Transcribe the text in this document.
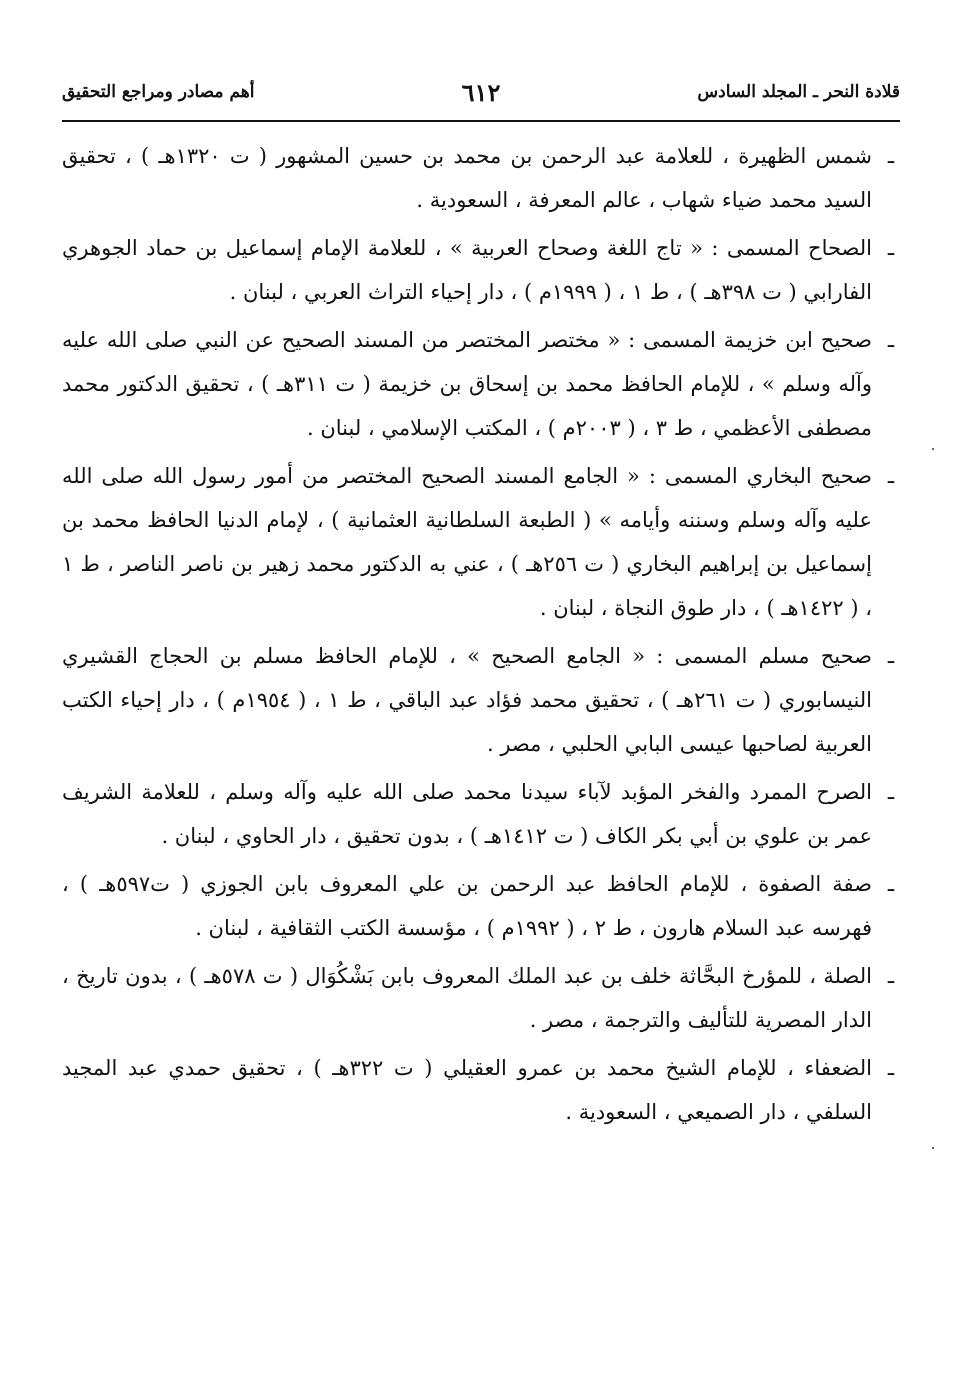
قلادة النحر ـ المجلد السادس
٦١٢
أهم مصادر ومراجع التحقيق

ـشمس الظهيرة ، للعلامة عبد الرحمن بن محمد بن حسين المشهور ( ت ١٣٢٠هـ ) ، تحقيق السيد محمد ضياء شهاب ، عالم المعرفة ، السعودية .

ـالصحاح المسمى : « تاج اللغة وصحاح العربية » ، للعلامة الإمام إسماعيل بن حماد الجوهري الفارابي ( ت ٣٩٨هـ ) ، ط ١ ، ( ١٩٩٩م ) ، دار إحياء التراث العربي ، لبنان .

ـصحيح ابن خزيمة المسمى : « مختصر المختصر من المسند الصحيح عن النبي صلى الله عليه وآله وسلم » ، للإمام الحافظ محمد بن إسحاق بن خزيمة ( ت ٣١١هـ ) ، تحقيق الدكتور محمد مصطفى الأعظمي ، ط ٣ ، ( ٢٠٠٣م ) ، المكتب الإسلامي ، لبنان .

ـصحيح البخاري المسمى : « الجامع المسند الصحيح المختصر من أمور رسول الله صلى الله عليه وآله وسلم وسننه وأيامه » ( الطبعة السلطانية العثمانية ) ، لإمام الدنيا الحافظ محمد بن إسماعيل بن إبراهيم البخاري ( ت ٢٥٦هـ ) ، عني به الدكتور محمد زهير بن ناصر الناصر ، ط ١ ، ( ١٤٢٢هـ ) ، دار طوق النجاة ، لبنان .

ـصحيح مسلم المسمى : « الجامع الصحيح » ، للإمام الحافظ مسلم بن الحجاج القشيري النيسابوري ( ت ٢٦١هـ ) ، تحقيق محمد فؤاد عبد الباقي ، ط ١ ، ( ١٩٥٤م ) ، دار إحياء الكتب العربية لصاحبها عيسى البابي الحلبي ، مصر .

ـالصرح الممرد والفخر المؤبد لآباء سيدنا محمد صلى الله عليه وآله وسلم ، للعلامة الشريف عمر بن علوي بن أبي بكر الكاف ( ت ١٤١٢هـ ) ، بدون تحقيق ، دار الحاوي ، لبنان .

ـصفة الصفوة ، للإمام الحافظ عبد الرحمن بن علي المعروف بابن الجوزي ( ت٥٩٧هـ ) ، فهرسه عبد السلام هارون ، ط ٢ ، ( ١٩٩٢م ) ، مؤسسة الكتب الثقافية ، لبنان .

ـالصلة ، للمؤرخ البحَّاثة خلف بن عبد الملك المعروف بابن بَشْكُوَال ( ت ٥٧٨هـ ) ، بدون تاريخ ، الدار المصرية للتأليف والترجمة ، مصر .

ـالضعفاء ، للإمام الشيخ محمد بن عمرو العقيلي ( ت ٣٢٢هـ ) ، تحقيق حمدي عبد المجيد السلفي ، دار الصميعي ، السعودية .
